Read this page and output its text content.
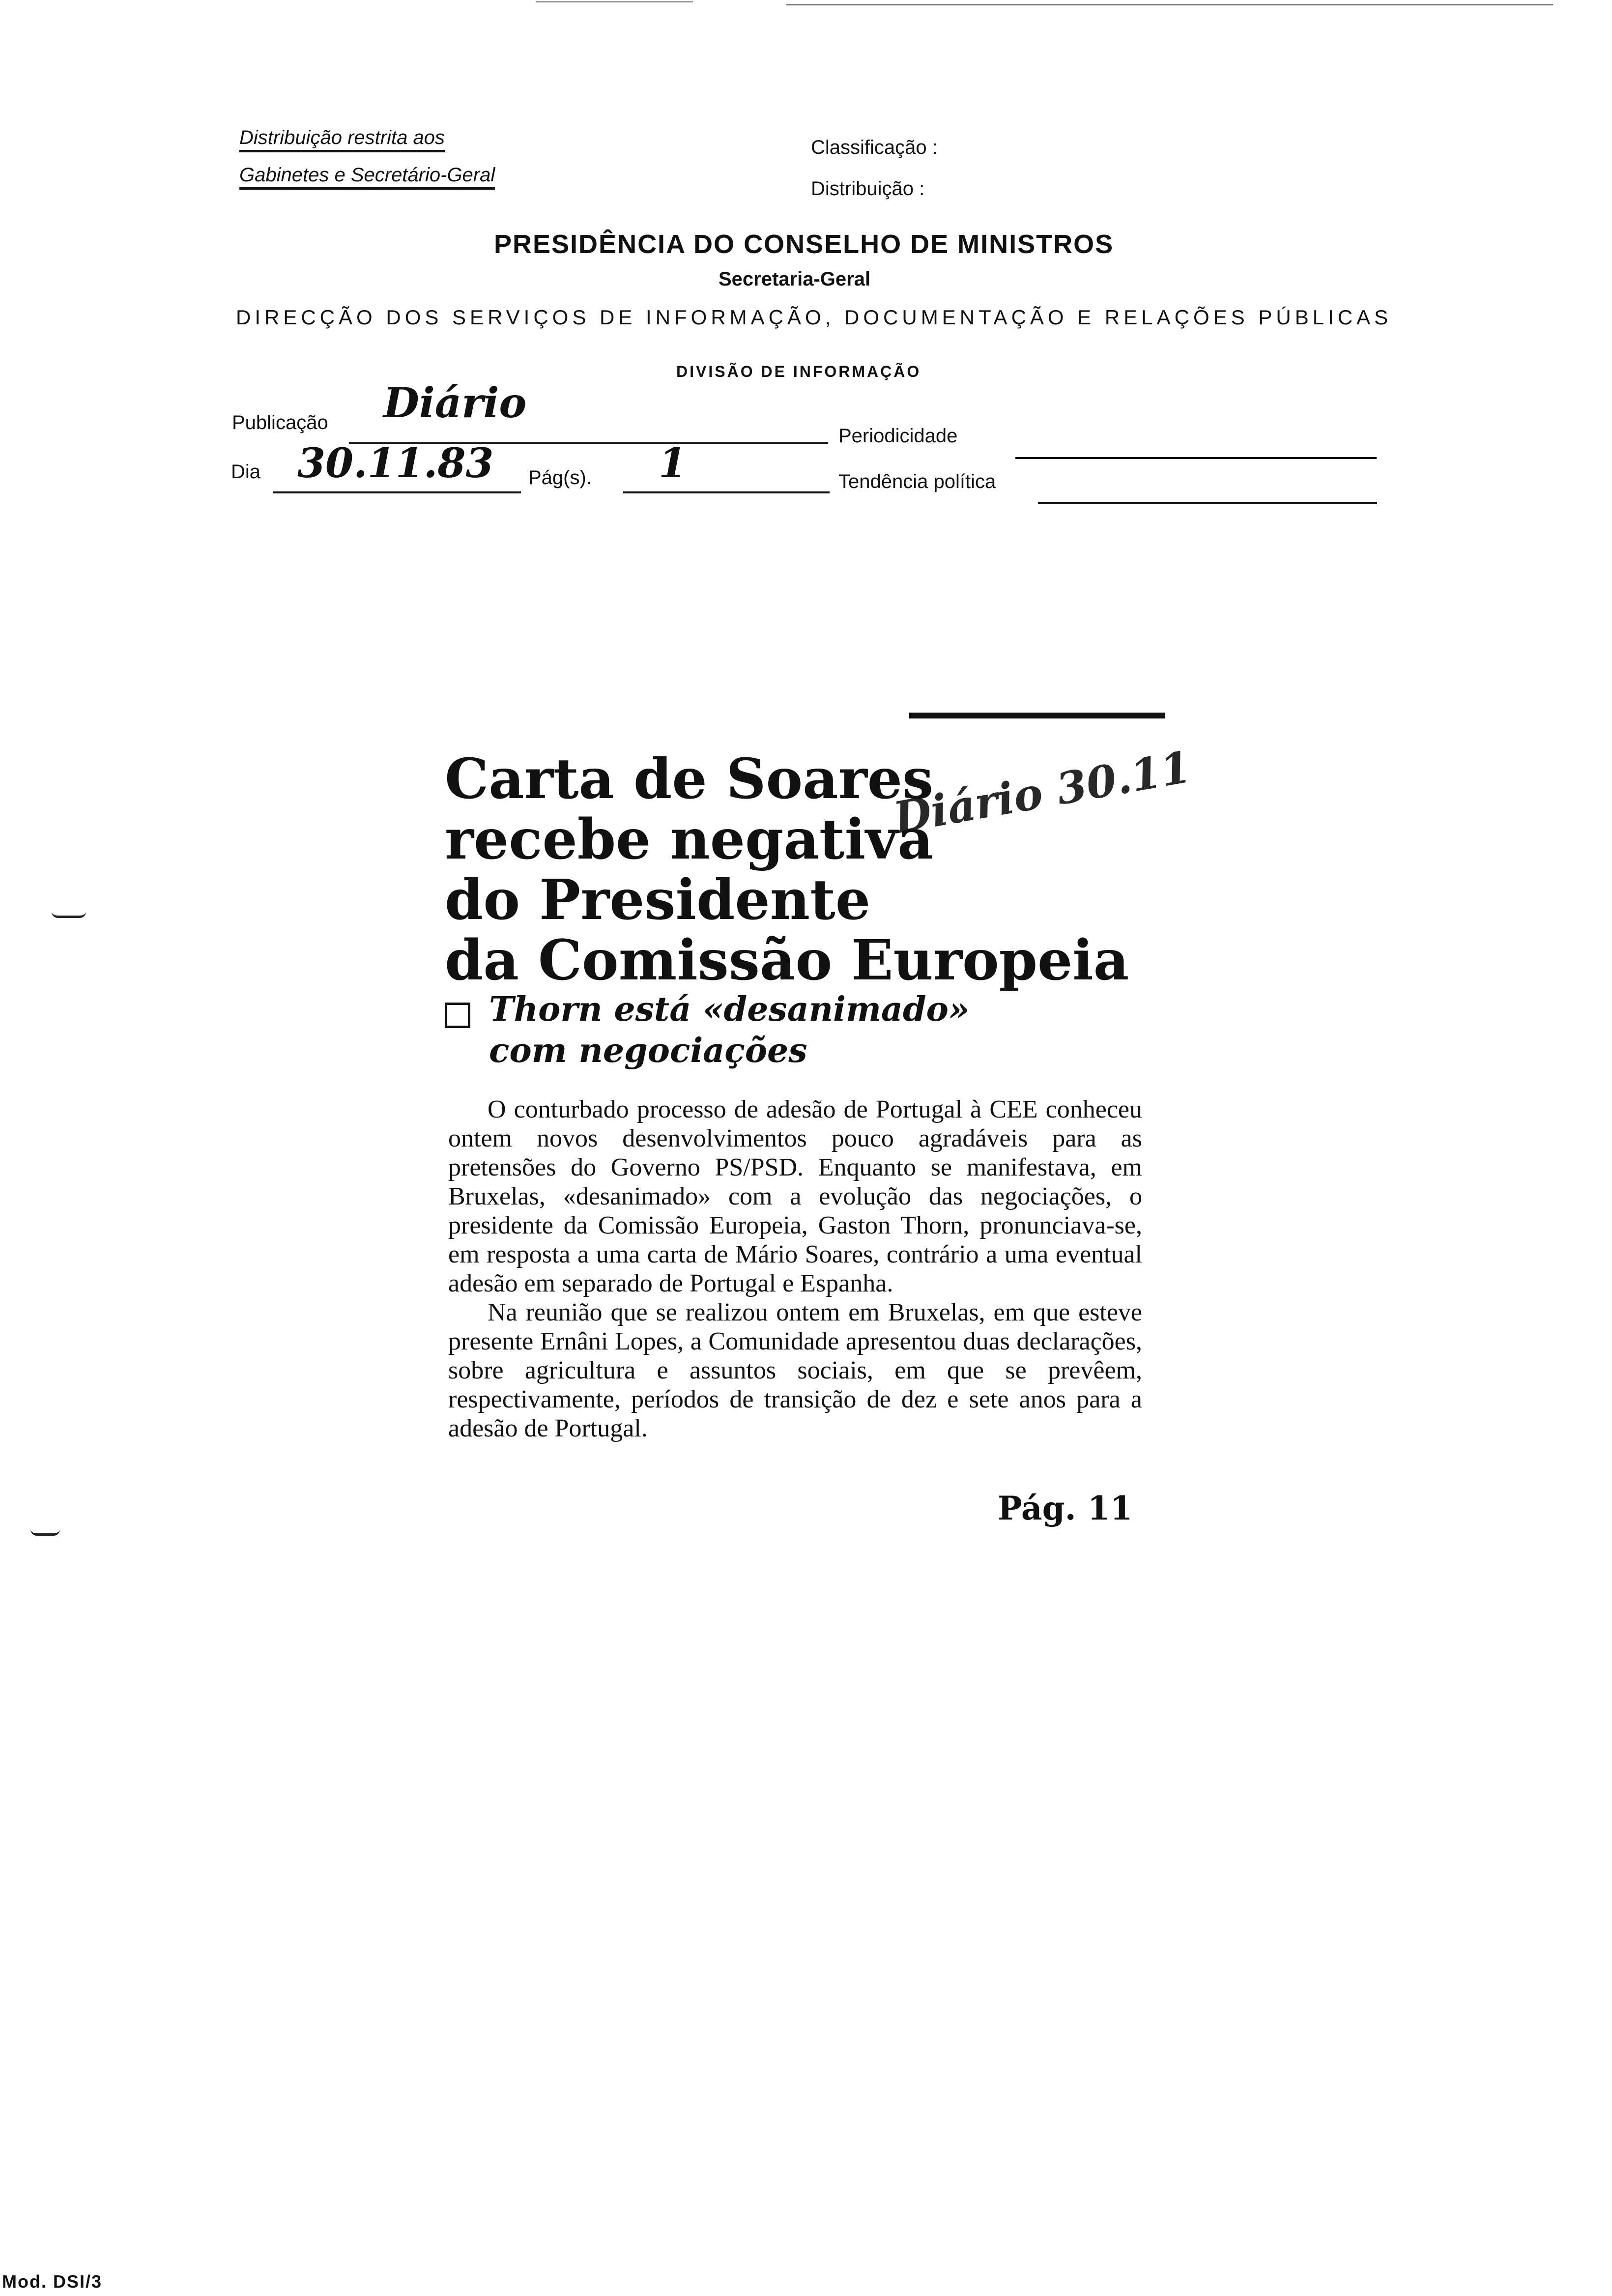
Distribuição restrita aos
Gabinetes e Secretário-Geral
Classificação :
Distribuição :
PRESIDÊNCIA DO CONSELHO DE MINISTROS
Secretaria-Geral
DIRECÇÃO DOS SERVIÇOS DE INFORMAÇÃO, DOCUMENTAÇÃO E RELAÇÕES PÚBLICAS
DIVISÃO DE INFORMAÇÃO
Publicação Diário
Periodicidade
Dia 30.11.83 Pág(s). 1	Tendência política
Carta de Soares
recebe negativa
do Presidente
da Comissão Europeia
Diário 30.11
Thorn está «desanimado»
com negociações

O conturbado processo de adesão de Portugal à CEE conheceu ontem novos desenvolvimentos pouco agradáveis para as pretensões do Governo PS/PSD. Enquanto se manifestava, em Bruxelas, «desanimado» com a evolução das negociações, o presidente da Comissão Europeia, Gaston Thorn, pronunciava-se, em resposta a uma carta de Mário Soares, contrário a uma eventual adesão em separado de Portugal e Espanha.

Na reunião que se realizou ontem em Bruxelas, em que esteve presente Ernâni Lopes, a Comunidade apresentou duas declarações, sobre agricultura e assuntos sociais, em que se prevêem, respectivamente, períodos de transição de dez e sete anos para a adesão de Portugal.

Pág. 11
Mod. DSI/3
